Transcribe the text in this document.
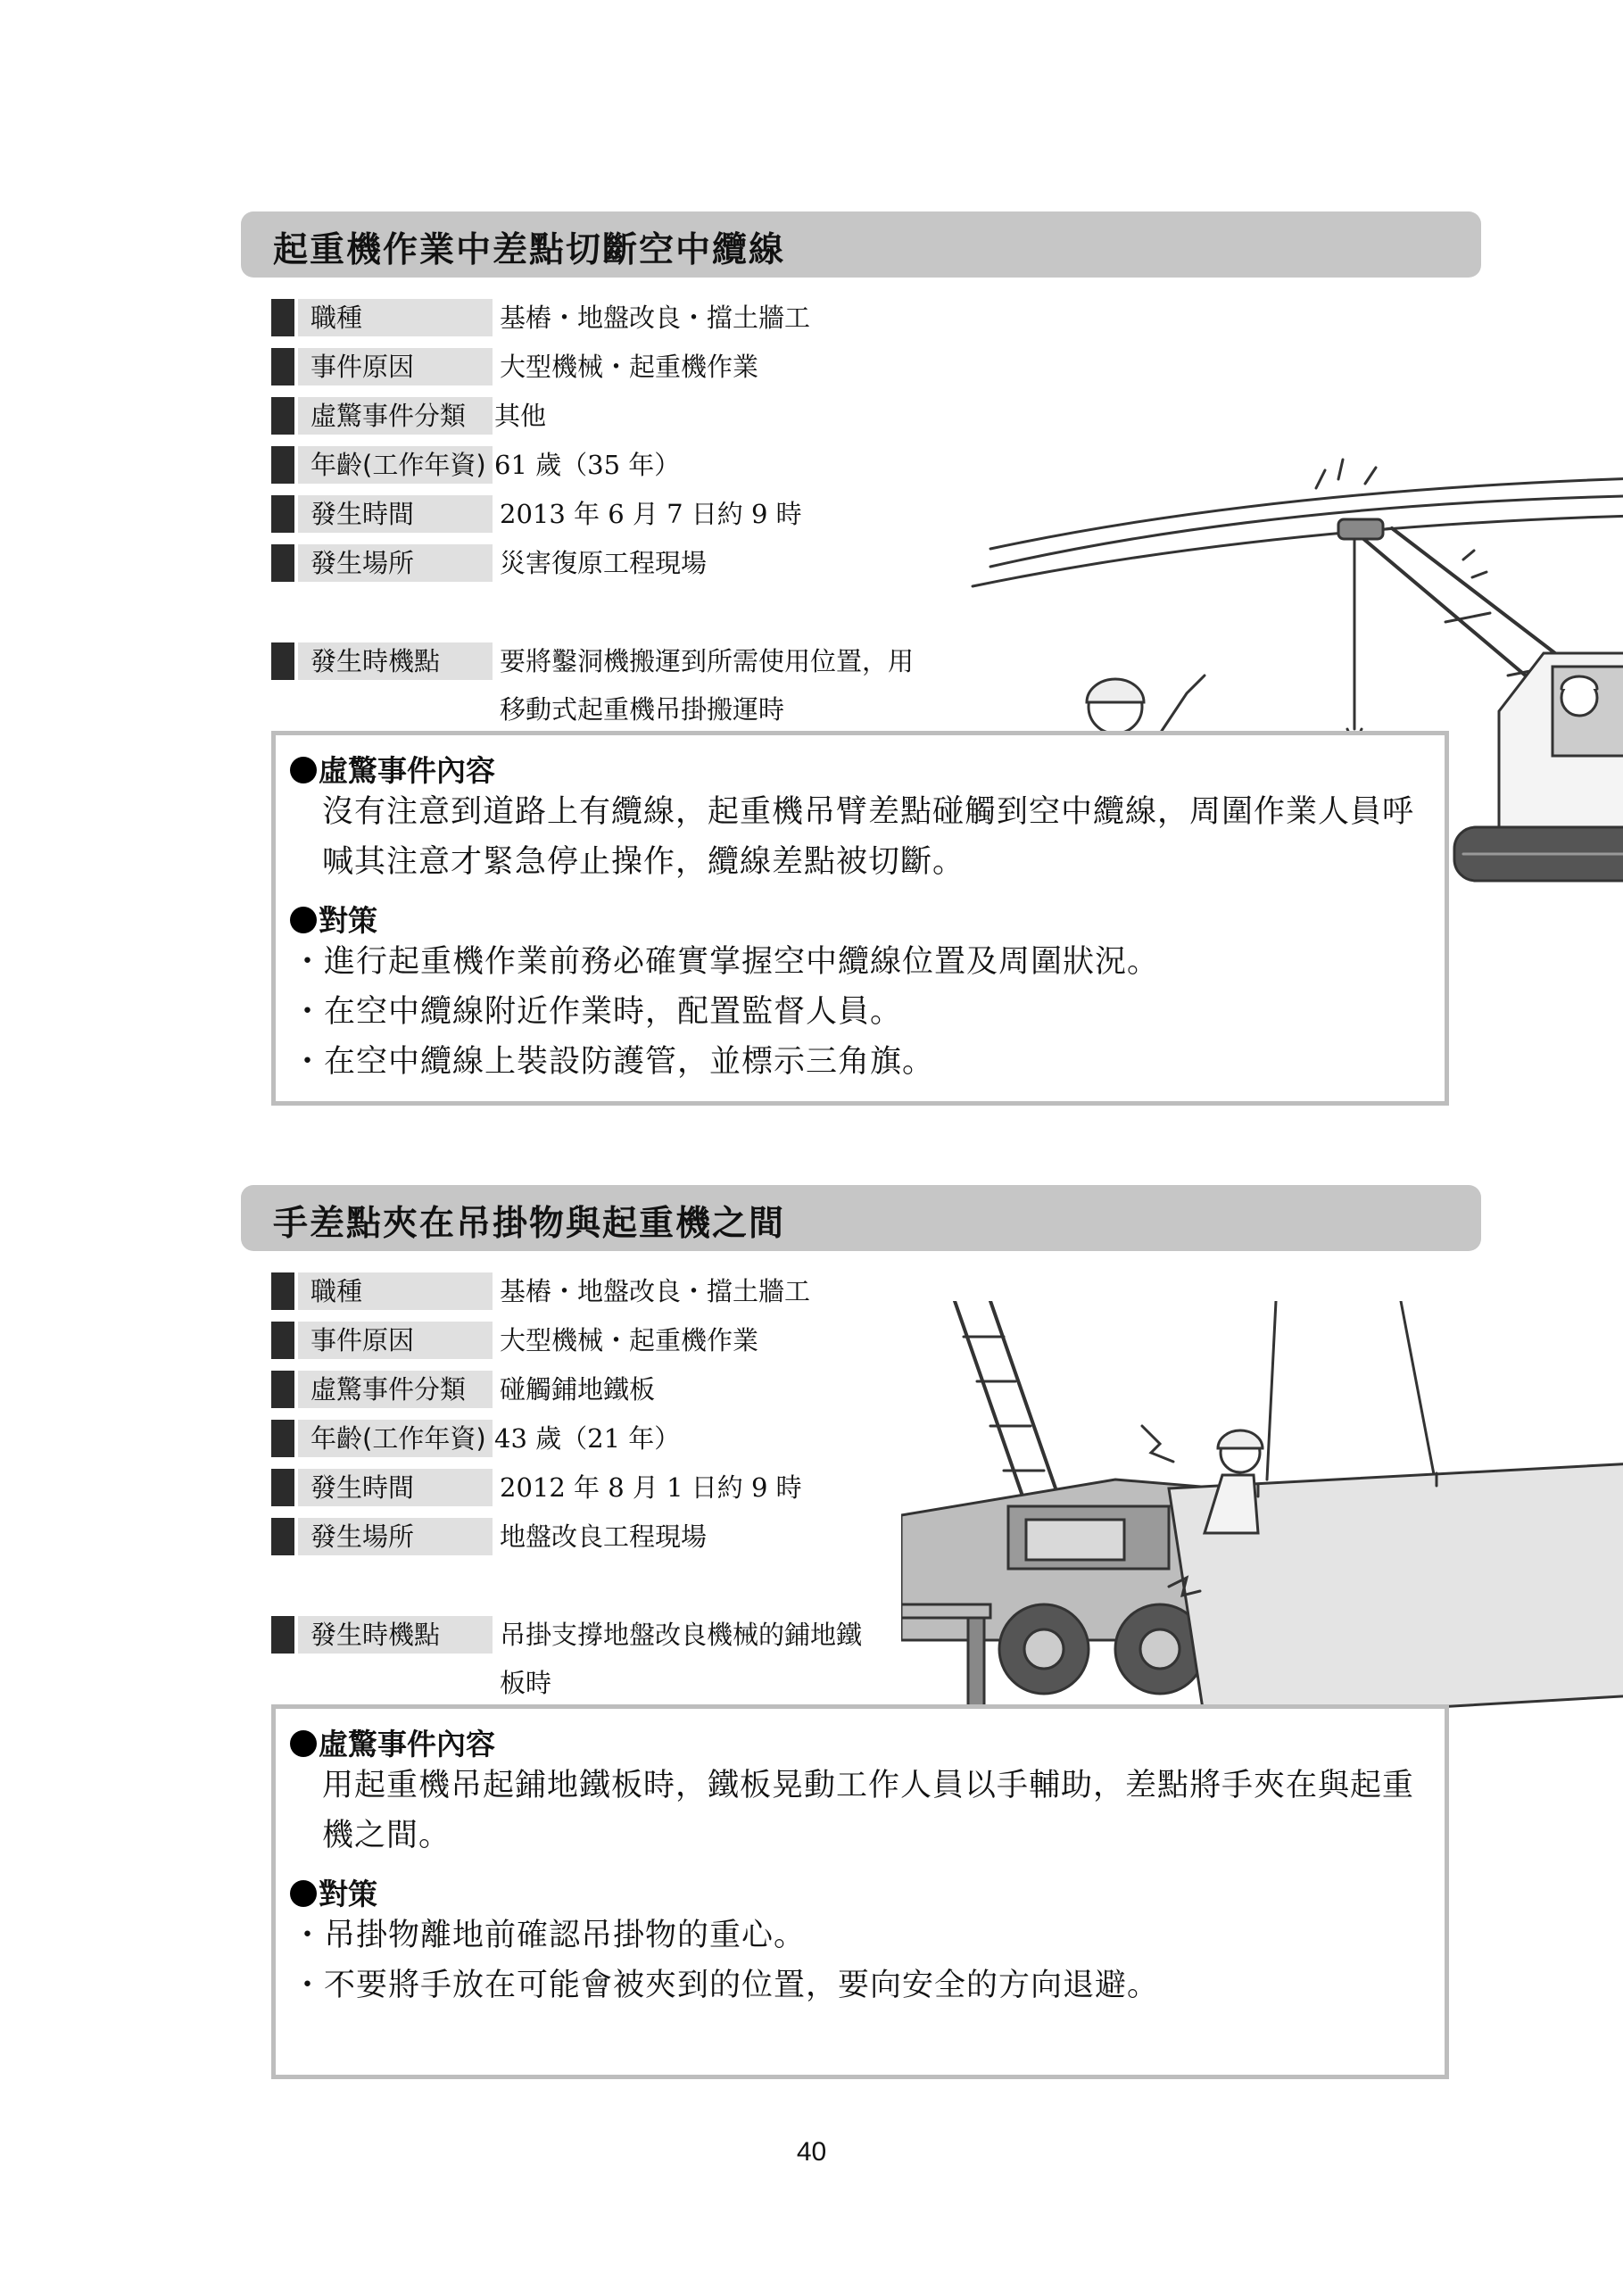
起重機作業中差點切斷空中纜線
職種	基樁・地盤改良・擋土牆工
事件原因	大型機械・起重機作業
虛驚事件分類	其他
年齡(工作年資) 61 歲（35 年）
發生時間	2013 年 6 月 7 日約 9 時
發生場所	災害復原工程現場
發生時機點	要將鑿洞機搬運到所需使用位置，用移動式起重機吊掛搬運時
虛驚事件內容
沒有注意到道路上有纜線，起重機吊臂差點碰觸到空中纜線，周圍作業人員呼喊其注意才緊急停止操作，纜線差點被切斷。
對策
・進行起重機作業前務必確實掌握空中纜線位置及周圍狀況。
・在空中纜線附近作業時，配置監督人員。
・在空中纜線上裝設防護管，並標示三角旗。
手差點夾在吊掛物與起重機之間
職種	基樁・地盤改良・擋土牆工
事件原因	大型機械・起重機作業
虛驚事件分類	碰觸鋪地鐵板
年齡(工作年資) 43 歲（21 年）
發生時間	2012 年 8 月 1 日約 9 時
發生場所	地盤改良工程現場
發生時機點	吊掛支撐地盤改良機械的鋪地鐵板時
虛驚事件內容
用起重機吊起鋪地鐵板時，鐵板晃動工作人員以手輔助，差點將手夾在與起重機之間。
對策
・吊掛物離地前確認吊掛物的重心。
・不要將手放在可能會被夾到的位置，要向安全的方向退避。
40
